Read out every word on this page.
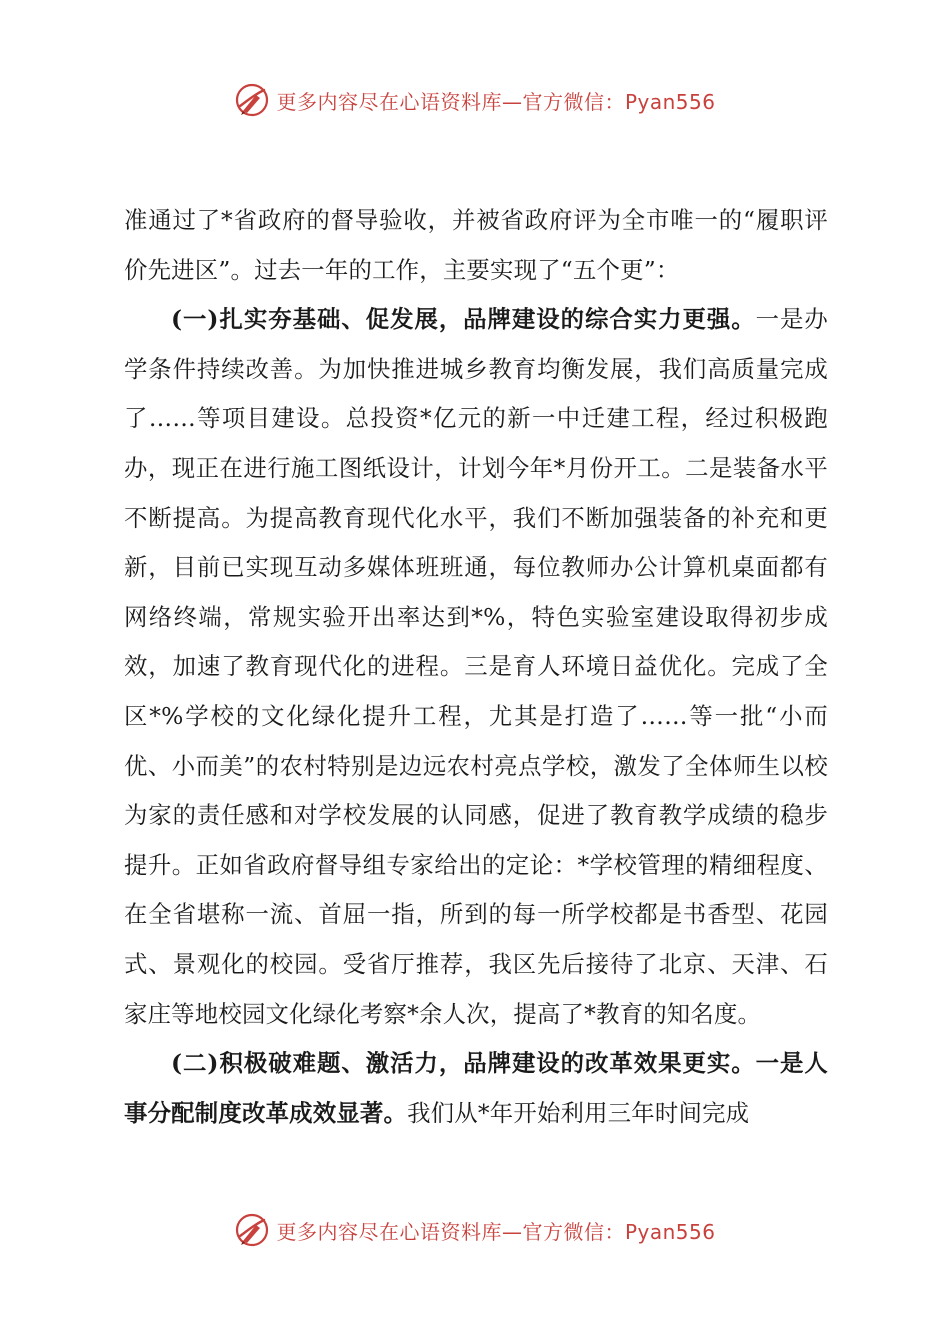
更多内容尽在心语资料库—官方微信：Pyan556

准通过了*省政府的督导验收，并被省政府评为全市唯一的“履职评价先进区”。过去一年的工作，主要实现了“五个更”：

(一)扎实夯基础、促发展，品牌建设的综合实力更强。一是办学条件持续改善。为加快推进城乡教育均衡发展，我们高质量完成了……等项目建设。总投资*亿元的新一中迁建工程，经过积极跑办，现正在进行施工图纸设计，计划今年*月份开工。二是装备水平不断提高。为提高教育现代化水平，我们不断加强装备的补充和更新，目前已实现互动多媒体班班通，每位教师办公计算机桌面都有网络终端，常规实验开出率达到*%，特色实验室建设取得初步成效，加速了教育现代化的进程。三是育人环境日益优化。完成了全区*%学校的文化绿化提升工程，尤其是打造了……等一批“小而优、小而美”的农村特别是边远农村亮点学校，激发了全体师生以校为家的责任感和对学校发展的认同感，促进了教育教学成绩的稳步提升。正如省政府督导组专家给出的定论：*学校管理的精细程度、在全省堪称一流、首屈一指，所到的每一所学校都是书香型、花园式、景观化的校园。受省厅推荐，我区先后接待了北京、天津、石家庄等地校园文化绿化考察*余人次，提高了*教育的知名度。

(二)积极破难题、激活力，品牌建设的改革效果更实。一是人事分配制度改革成效显著。我们从*年开始利用三年时间完成

更多内容尽在心语资料库—官方微信：Pyan556
